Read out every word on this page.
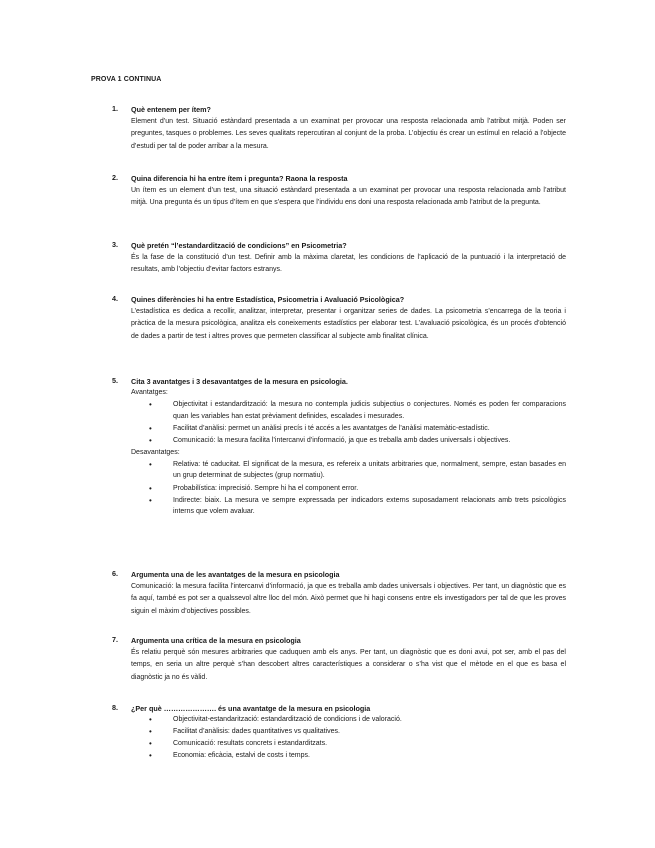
PROVA 1 CONTINUA
1. Què entenem per ítem?
Element d’un test. Situació estàndard presentada a un examinat per provocar una resposta relacionada amb l’atribut mitjà. Poden ser preguntes, tasques o problemes. Les seves qualitats repercutiran al conjunt de la proba. L’objectiu és crear un estímul en relació a l’objecte d’estudi per tal de poder arribar a la mesura.
2. Quina diferencia hi ha entre ítem i pregunta? Raona la resposta
Un ítem es un element d’un test, una situació estàndard presentada a un examinat per provocar una resposta relacionada amb l’atribut mitjà. Una pregunta és un tipus d’ítem en que s’espera que l’individu ens doni una resposta relacionada amb l’atribut de la pregunta.
3. Què pretén “l’estandardització de condicions” en Psicometria?
És la fase de la constitució d’un test. Definir amb la màxima claretat, les condicions de l’aplicació de la puntuació i la interpretació de resultats, amb l’objectiu d’evitar factors estranys.
4. Quines diferències hi ha entre Estadística, Psicometria i Avaluació Psicològica?
L’estadística es dedica a recollir, analitzar, interpretar, presentar i organitzar series de dades. La psicometria s’encarrega de la teoria i pràctica de la mesura psicològica, analitza els coneixements estadístics per elaborar test. L’avaluació psicològica, és un procés d’obtenció de dades a partir de test i altres proves que permeten classificar al subjecte amb finalitat clínica.
5. Cita 3 avantatges i 3 desavantatges de la mesura en psicologia.
Avantatges:
•	Objectivitat i estandardització: la mesura no contempla judicis subjectius o conjectures. Només es poden fer comparacions quan les variables han estat prèviament definides, escalades i mesurades.
•	Facilitat d’anàlisi: permet un anàlisi precís i té accés a les avantatges de l’anàlisi matemàtic-estadístic.
•	Comunicació: la mesura facilita l’intercanvi d’informació, ja que es treballa amb dades universals i objectives.
Desavantatges:
•	Relativa: té caducitat. El significat de la mesura, es refereix a unitats arbitraries que, normalment, sempre, estan basades en un grup determinat de subjectes (grup normatiu).
•	Probabilística: imprecisió. Sempre hi ha el component error.
•	Indirecte: biaix. La mesura ve sempre expressada per indicadors externs suposadament relacionats amb trets psicològics interns que volem avaluar.
6. Argumenta una de les avantatges de la mesura en psicologia
Comunicació: la mesura facilita l’intercanvi d’informació, ja que es treballa amb dades universals i objectives. Per tant, un diagnòstic que es fa aquí, també es pot ser a qualssevol altre lloc del món. Això permet que hi hagi consens entre els investigadors per tal de que les proves siguin el màxim d’objectives possibles.
7. Argumenta una crítica de la mesura en psicologia
És relatiu perquè són mesures arbitraries que caduquen amb els anys. Per tant, un diagnòstic que es doni avui, pot ser, amb el pas del temps, en seria un altre perquè s’han descobert altres característiques a considerar o s’ha vist que el mètode en el que es basa el diagnòstic ja no és vàlid.
8. ¿Per què …………………. és una avantatge de la mesura en psicologia
•	Objectivitat-estandarització: estandardització de condicions i de valoració.
•	Facilitat d’anàlisis: dades quantitatives vs qualitatives.
•	Comunicació: resultats concrets i estandarditzats.
•	Economia: eficàcia, estalvi de costs i temps.
